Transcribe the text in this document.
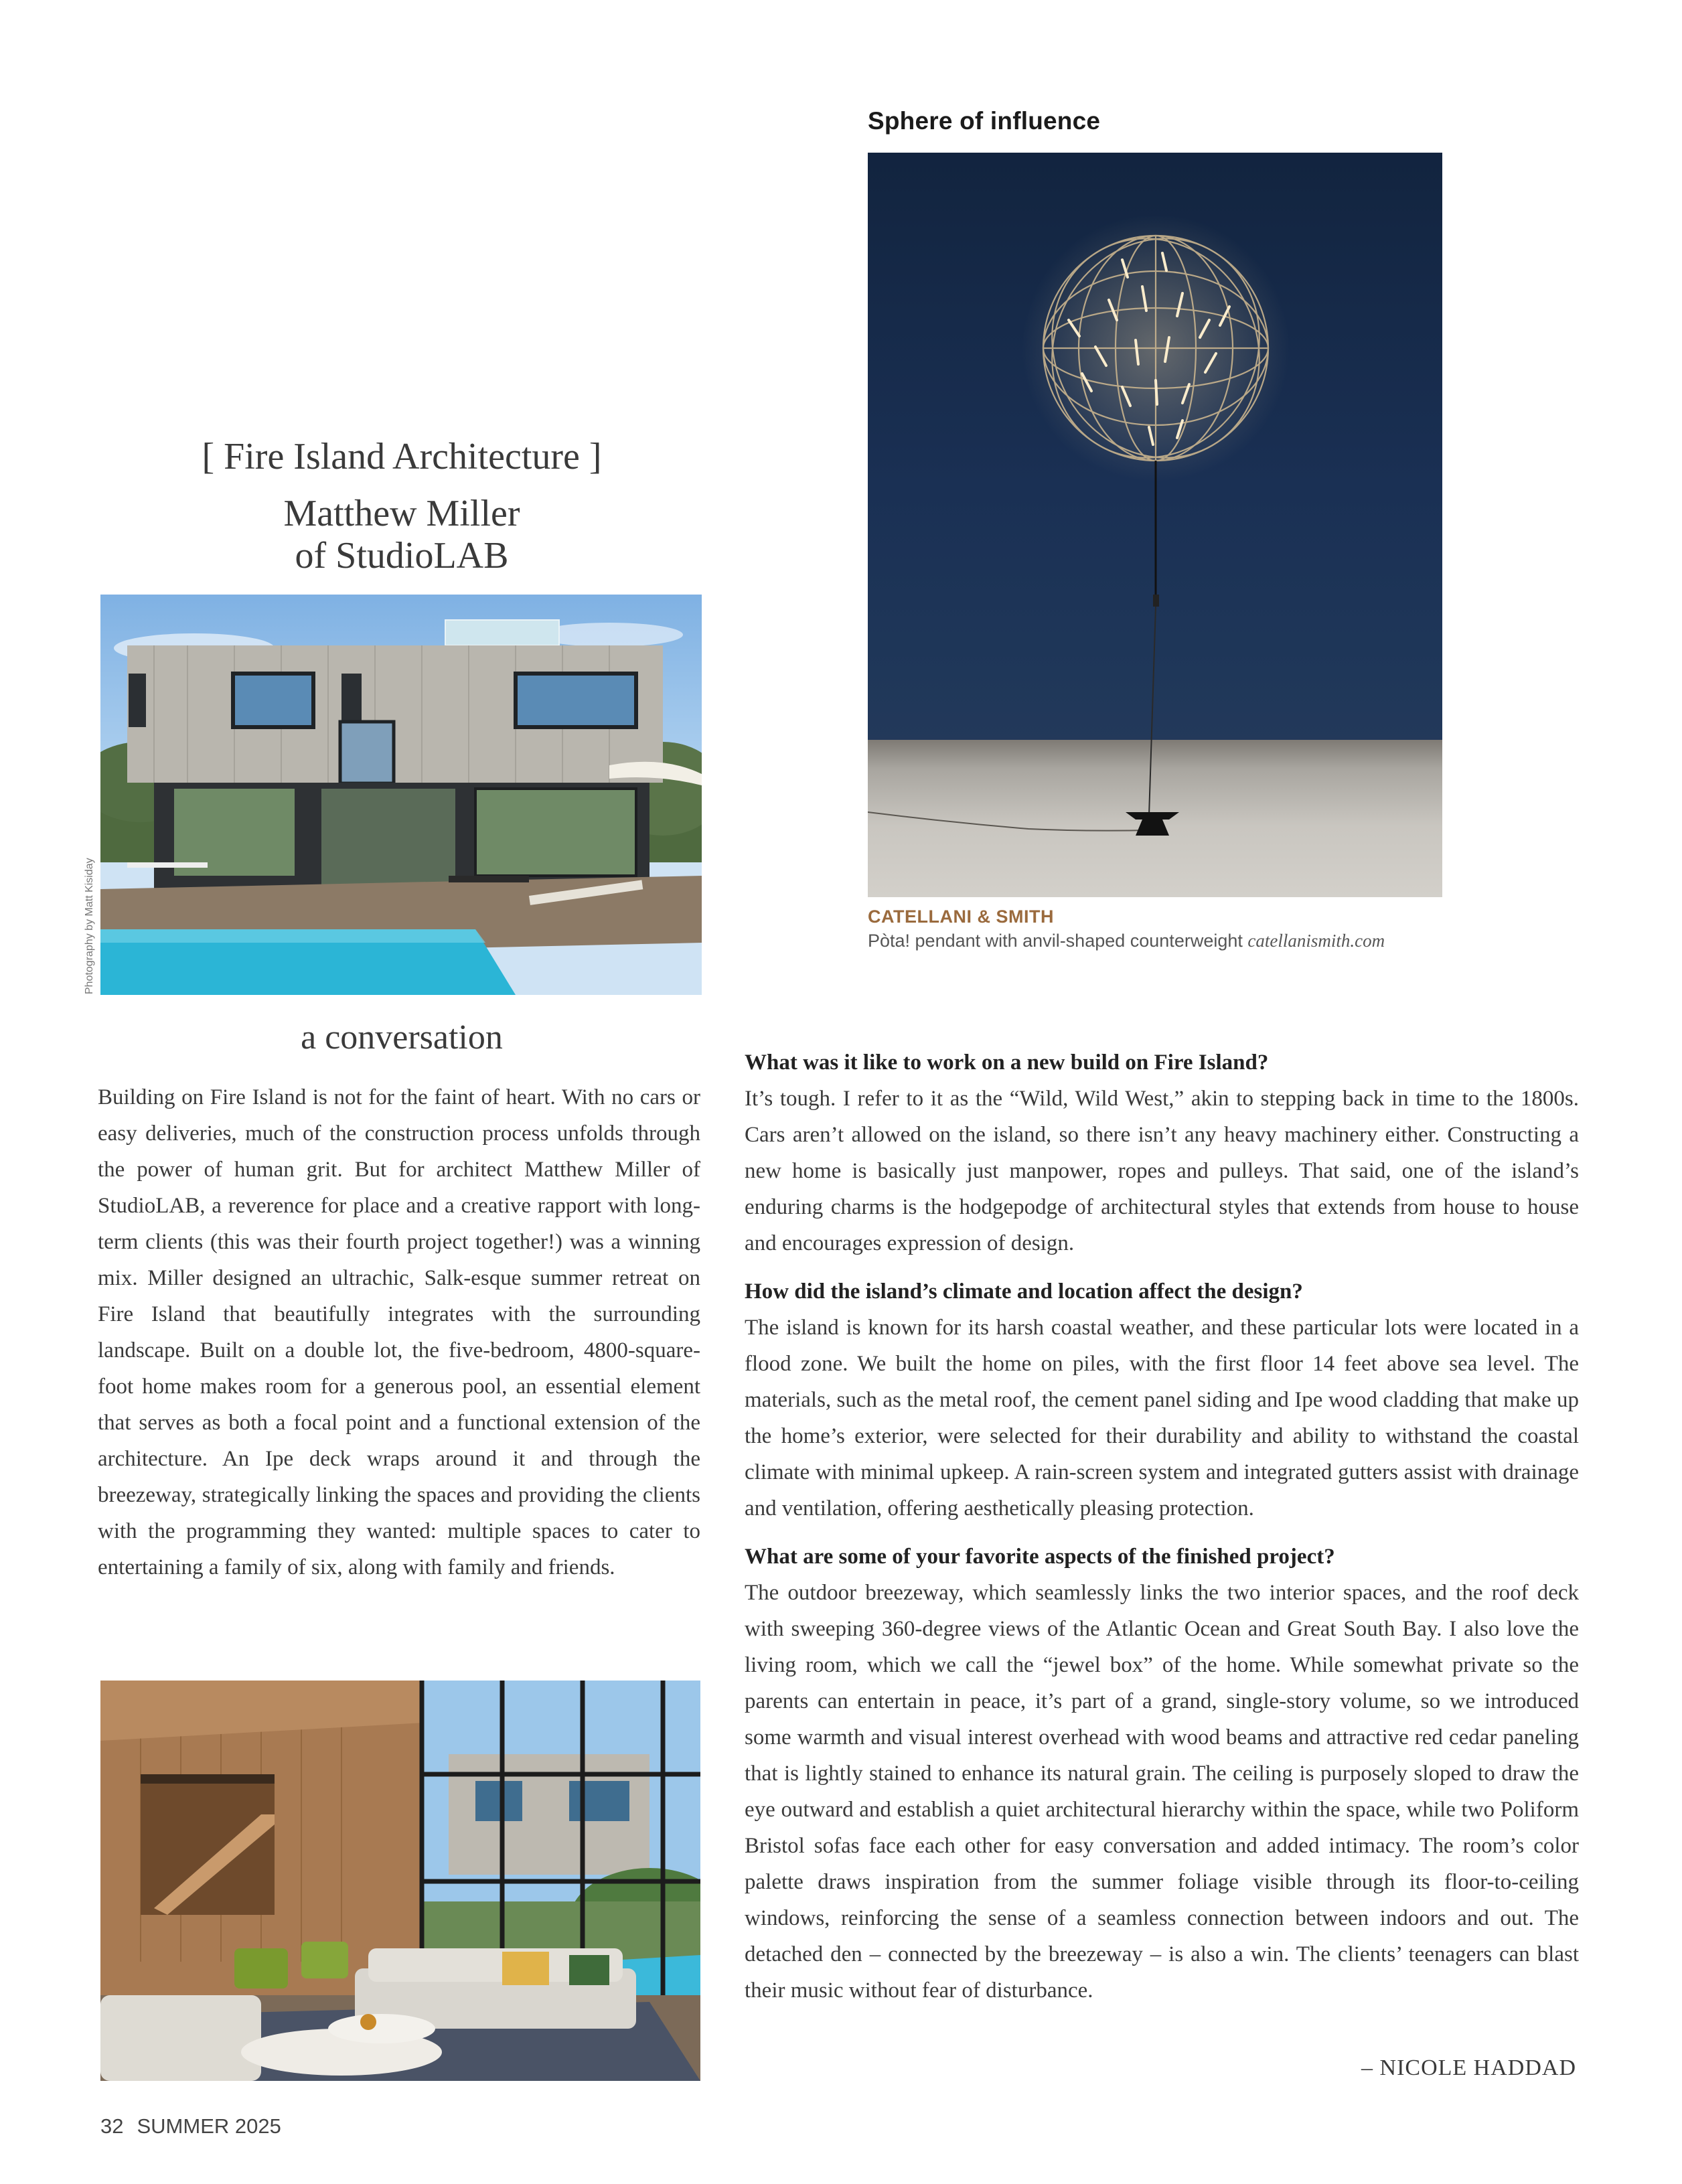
Sphere of influence
CATELLANI & SMITH
Pòta! pendant with anvil-shaped counterweight catellanismith.com
[ Fire Island Architecture ]
Matthew Miller
of StudioLAB
Photography by Matt Kisiday
a conversation

Building on Fire Island is not for the faint of heart. With no cars or easy deliveries, much of the construction process unfolds through the power of human grit. But for architect Matthew Miller of StudioLAB, a reverence for place and a creative rapport with long-term clients (this was their fourth project together!) was a winning mix. Miller designed an ultrachic, Salk-esque summer retreat on Fire Island that beautifully integrates with the surrounding landscape. Built on a double lot, the five-bedroom, 4800-square-foot home makes room for a generous pool, an essential element that serves as both a focal point and a functional extension of the architecture. An Ipe deck wraps around it and through the breezeway, strategically linking the spaces and providing the clients with the programming they wanted: multiple spaces to cater to entertaining a family of six, along with family and friends.

What was it like to work on a new build on Fire Island?

It’s tough. I refer to it as the “Wild, Wild West,” akin to stepping back in time to the 1800s. Cars aren’t allowed on the island, so there isn’t any heavy machinery either. Constructing a new home is basically just manpower, ropes and pulleys. That said, one of the island’s enduring charms is the hodgepodge of architectural styles that extends from house to house and encourages expression of design.

How did the island’s climate and location affect the design?

The island is known for its harsh coastal weather, and these particular lots were located in a flood zone. We built the home on piles, with the first floor 14 feet above sea level. The materials, such as the metal roof, the cement panel siding and Ipe wood cladding that make up the home’s exterior, were selected for their durability and ability to withstand the coastal climate with minimal upkeep. A rain-screen system and integrated gutters assist with drainage and ventilation, offering aesthetically pleasing protection.

What are some of your favorite aspects of the finished project?

The outdoor breezeway, which seamlessly links the two interior spaces, and the roof deck with sweeping 360-degree views of the Atlantic Ocean and Great South Bay. I also love the living room, which we call the “jewel box” of the home. While somewhat private so the parents can entertain in peace, it’s part of a grand, single-story volume, so we introduced some warmth and visual interest overhead with wood beams and attractive red cedar paneling that is lightly stained to enhance its natural grain. The ceiling is purposely sloped to draw the eye outward and establish a quiet architectural hierarchy within the space, while two Poliform Bristol sofas face each other for easy conversation and added intimacy. The room’s color palette draws inspiration from the summer foliage visible through its floor-to-ceiling windows, reinforcing the sense of a seamless connection between indoors and out. The detached den – connected by the breezeway – is also a win. The clients’ teenagers can blast their music without fear of disturbance.

– NICOLE HADDAD
32 SUMMER 2025
